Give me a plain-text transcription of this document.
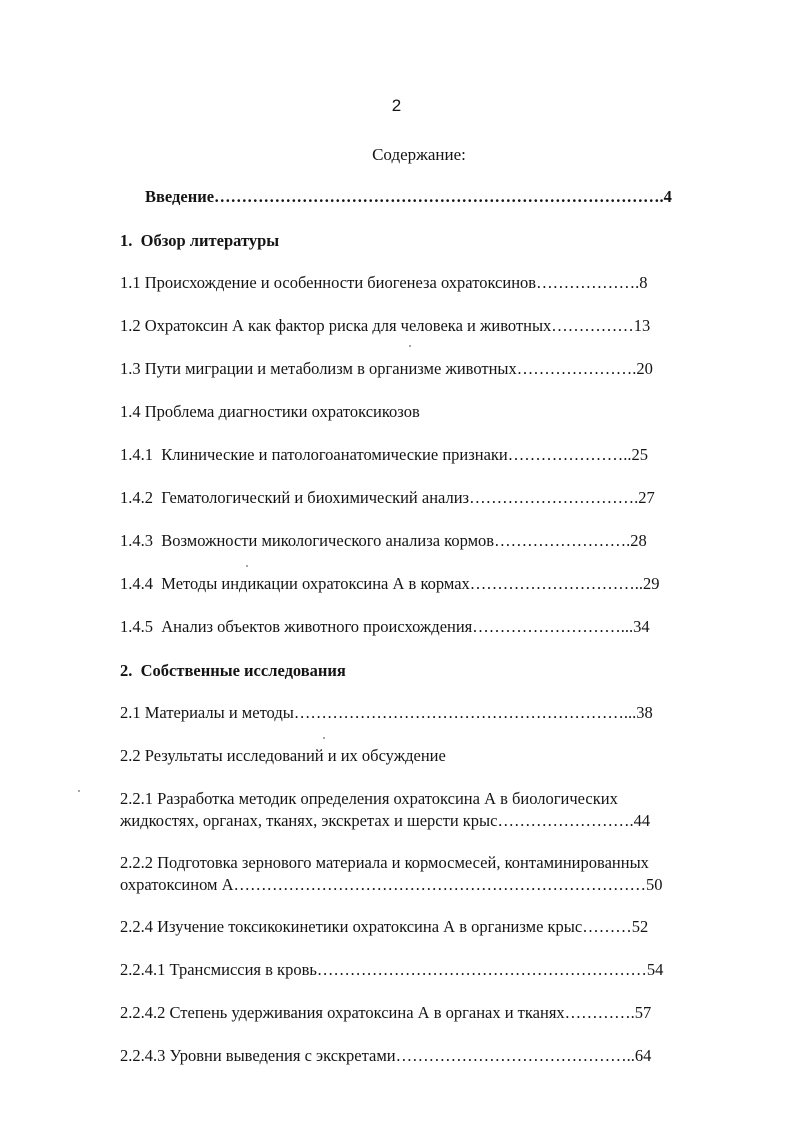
2
Содержание:
Введение……………………………………………………………………….4
1.  Обзор литературы
1.1 Происхождение и особенности биогенеза охратоксинов……………….8
1.2 Охратоксин А как фактор риска для человека и животных……………13
1.3 Пути миграции и метаболизм в организме животных………………….20
1.4 Проблема диагностики охратоксикозов
1.4.1  Клинические и патологоанатомические признаки…………………..25
1.4.2  Гематологический и биохимический анализ………………………….27
1.4.3  Возможности микологического анализа кормов…………………….28
1.4.4  Методы индикации охратоксина А в кормах…………………………..29
1.4.5  Анализ объектов животного происхождения………………………...34
2.  Собственные исследования
2.1 Материалы и методы……………………………………………………...38
2.2 Результаты исследований и их обсуждение
2.2.1 Разработка методик определения охратоксина А в биологических
жидкостях, органах, тканях, экскретах и шерсти крыс…………………….44
2.2.2 Подготовка зернового материала и кормосмесей, контаминированных
охратоксином А…………………………………………………………………50
2.2.4 Изучение токсикокинетики охратоксина А в организме крыс………52
2.2.4.1 Трансмиссия в кровь……………………………………………………54
2.2.4.2 Степень удерживания охратоксина А в органах и тканях………….57
2.2.4.3 Уровни выведения с экскретами……………………………………..64
